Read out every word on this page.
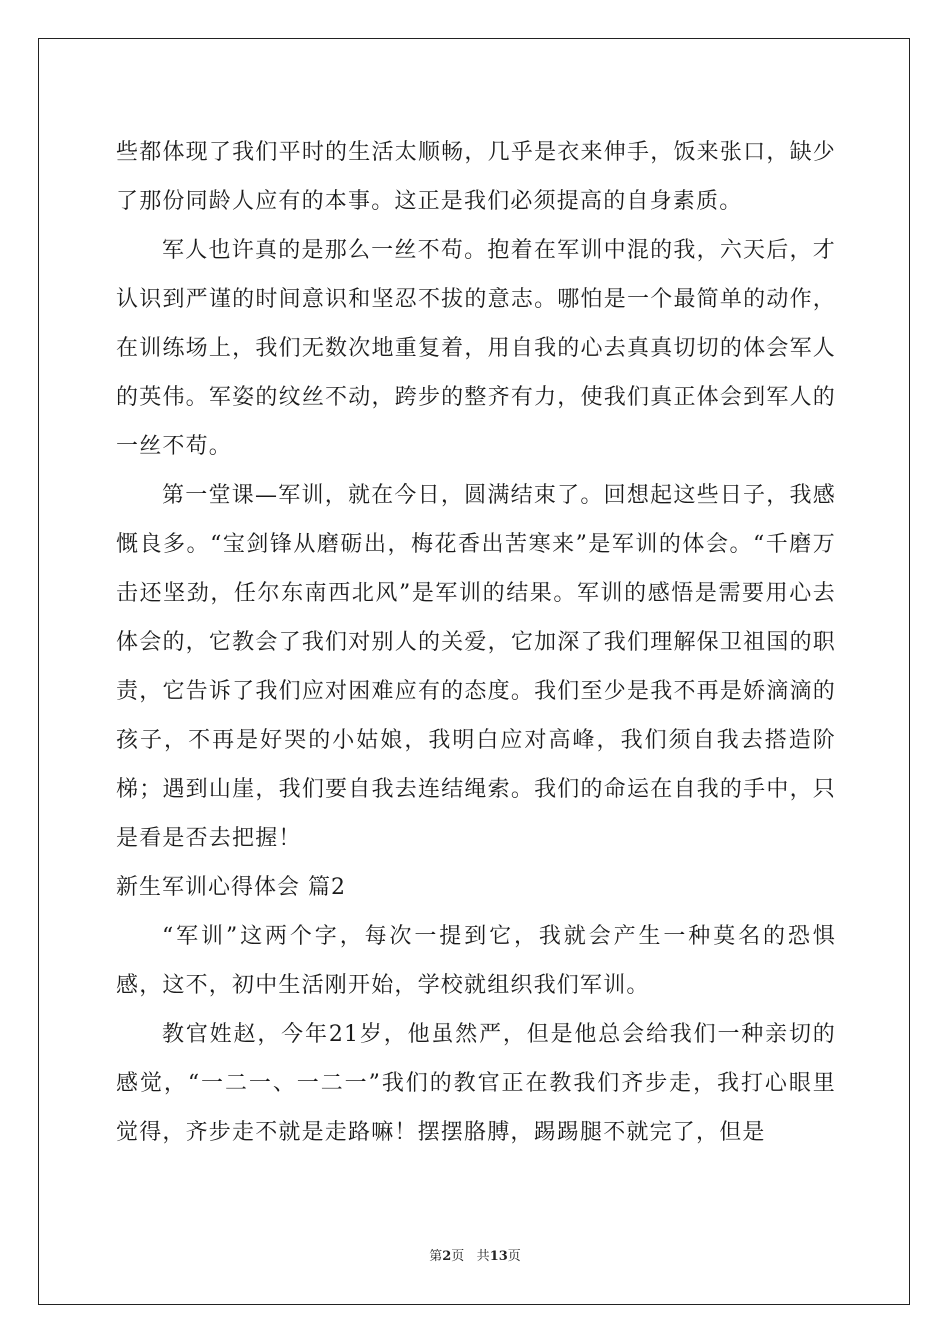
些都体现了我们平时的生活太顺畅，几乎是衣来伸手，饭来张口，缺少了那份同龄人应有的本事。这正是我们必须提高的自身素质。

军人也许真的是那么一丝不苟。抱着在军训中混的我，六天后，才认识到严谨的时间意识和坚忍不拔的意志。哪怕是一个最简单的动作，在训练场上，我们无数次地重复着，用自我的心去真真切切的体会军人的英伟。军姿的纹丝不动，跨步的整齐有力，使我们真正体会到军人的一丝不苟。

第一堂课—军训，就在今日，圆满结束了。回想起这些日子，我感慨良多。“宝剑锋从磨砺出，梅花香出苦寒来”是军训的体会。“千磨万击还坚劲，任尔东南西北风”是军训的结果。军训的感悟是需要用心去体会的，它教会了我们对别人的关爱，它加深了我们理解保卫祖国的职责，它告诉了我们应对困难应有的态度。我们至少是我不再是娇滴滴的孩子，不再是好哭的小姑娘，我明白应对高峰，我们须自我去搭造阶梯；遇到山崖，我们要自我去连结绳索。我们的命运在自我的手中，只是看是否去把握！

新生军训心得体会 篇2

“军训”这两个字，每次一提到它，我就会产生一种莫名的恐惧感，这不，初中生活刚开始，学校就组织我们军训。

教官姓赵，今年21岁，他虽然严，但是他总会给我们一种亲切的感觉，“一二一、一二一”我们的教官正在教我们齐步走，我打心眼里觉得，齐步走不就是走路嘛！摆摆胳膊，踢踢腿不就完了，但是

第2页 共13页
